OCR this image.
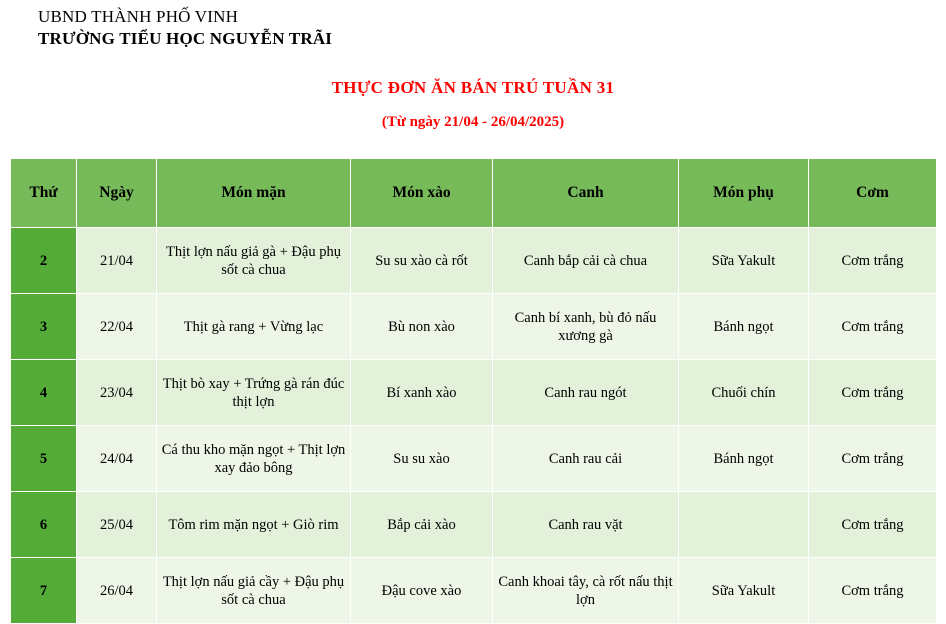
UBND THÀNH PHỐ VINH
TRƯỜNG TIỂU HỌC NGUYỄN TRÃI
THỰC ĐƠN ĂN BÁN TRÚ TUẦN 31
(Từ ngày 21/04 - 26/04/2025)
Thứ	Ngày	Món mặn	Món xào	Canh	Món phụ	Cơm
2	21/04	Thịt lợn nấu giả gà + Đậu phụ sốt cà chua	Su su xào cà rốt	Canh bắp cải cà chua	Sữa Yakult	Cơm trắng
3	22/04	Thịt gà rang + Vừng lạc	Bù non xào	Canh bí xanh, bù đỏ nấu xương gà	Bánh ngọt	Cơm trắng
4	23/04	Thịt bò xay + Trứng gà rán đúc thịt lợn	Bí xanh xào	Canh rau ngót	Chuối chín	Cơm trắng
5	24/04	Cá thu kho mặn ngọt + Thịt lợn xay đảo bông	Su su xào	Canh rau cải	Bánh ngọt	Cơm trắng
6	25/04	Tôm rim mặn ngọt + Giò rim	Bắp cải xào	Canh rau vặt		Cơm trắng
7	26/04	Thịt lợn nấu giả cầy + Đậu phụ sốt cà chua	Đậu cove xào	Canh khoai tây, cà rốt nấu thịt lợn	Sữa Yakult	Cơm trắng
